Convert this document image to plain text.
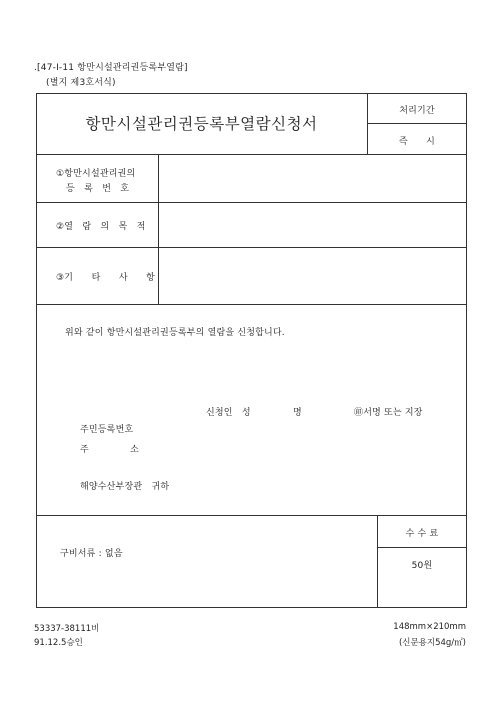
.[47-Ⅰ-11 항만시설관리권등록부열람]
(별지 제3호서식)
항만시설관리권등록부열람신청서
처리기간
즉　　시
①항만시설관리권의
등　록　번　호
②열　람　의　목　적
③기　　타　　사　　항
위와 같이 항만시설관리권등록부의 열람을 신청합니다.
신청인　성	명	㊞서명 또는 지장
주민등록번호
주	소
해양수산부장관　귀하
구비서류 : 없음
수 수 료
50원
53337-38111비
91.12.5승인
148mm×210mm
(신문용지54g/㎡)
